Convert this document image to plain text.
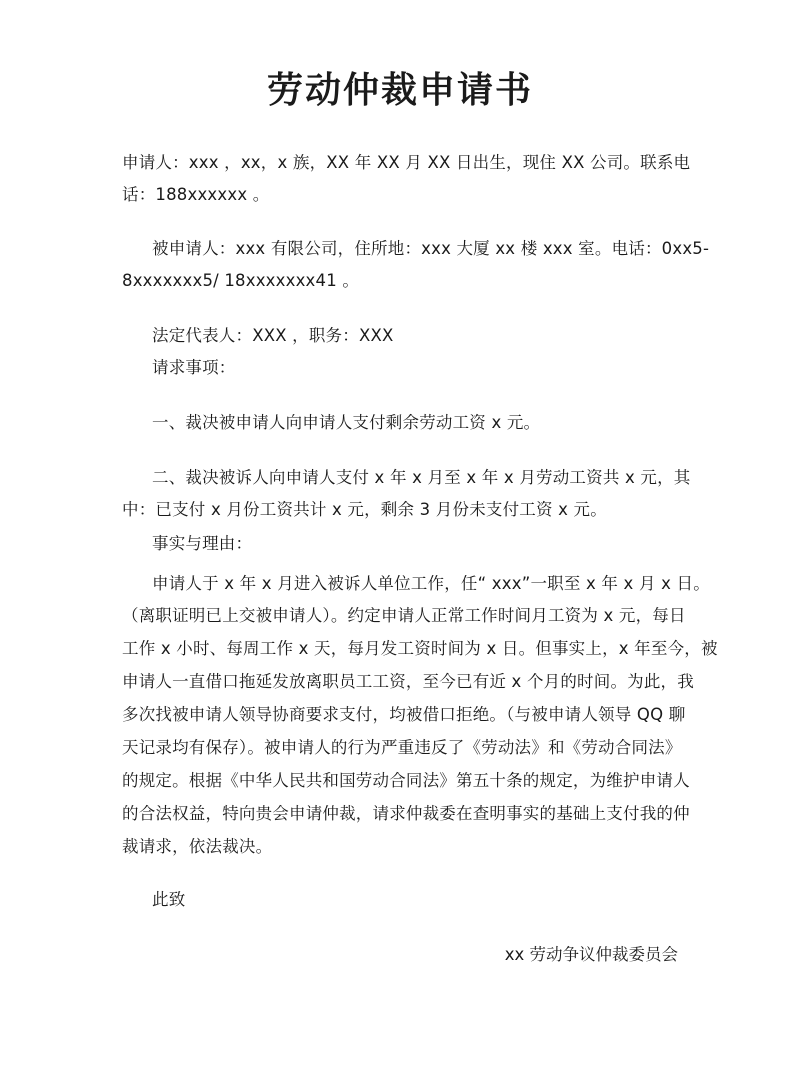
劳动仲裁申请书
申请人：xxx ，xx，x 族，XX 年 XX 月 XX 日出生，现住 XX 公司。联系电
话：188xxxxxx 。
被申请人：xxx 有限公司，住所地：xxx 大厦 xx 楼 xxx 室。电话：0xx5-
8xxxxxxx5/ 18xxxxxxx41 。
法定代表人：XXX ，职务：XXX
请求事项：
一、裁决被申请人向申请人支付剩余劳动工资 x 元。
二、裁决被诉人向申请人支付 x 年 x 月至 x 年 x 月劳动工资共 x 元，其
中：已支付 x 月份工资共计 x 元，剩余 3 月份未支付工资 x 元。
事实与理由：
申请人于 x 年 x 月进入被诉人单位工作，任“ xxx”一职至 x 年 x 月 x 日。
（离职证明已上交被申请人）。约定申请人正常工作时间月工资为 x 元，每日
工作 x 小时、每周工作 x 天，每月发工资时间为 x 日。但事实上，x 年至今，被
申请人一直借口拖延发放离职员工工资，至今已有近 x 个月的时间。为此，我
多次找被申请人领导协商要求支付，均被借口拒绝。（与被申请人领导 QQ 聊
天记录均有保存）。被申请人的行为严重违反了《劳动法》和《劳动合同法》
的规定。根据《中华人民共和国劳动合同法》第五十条的规定，为维护申请人
的合法权益，特向贵会申请仲裁，请求仲裁委在查明事实的基础上支付我的仲
裁请求，依法裁决。
此致
xx 劳动争议仲裁委员会
